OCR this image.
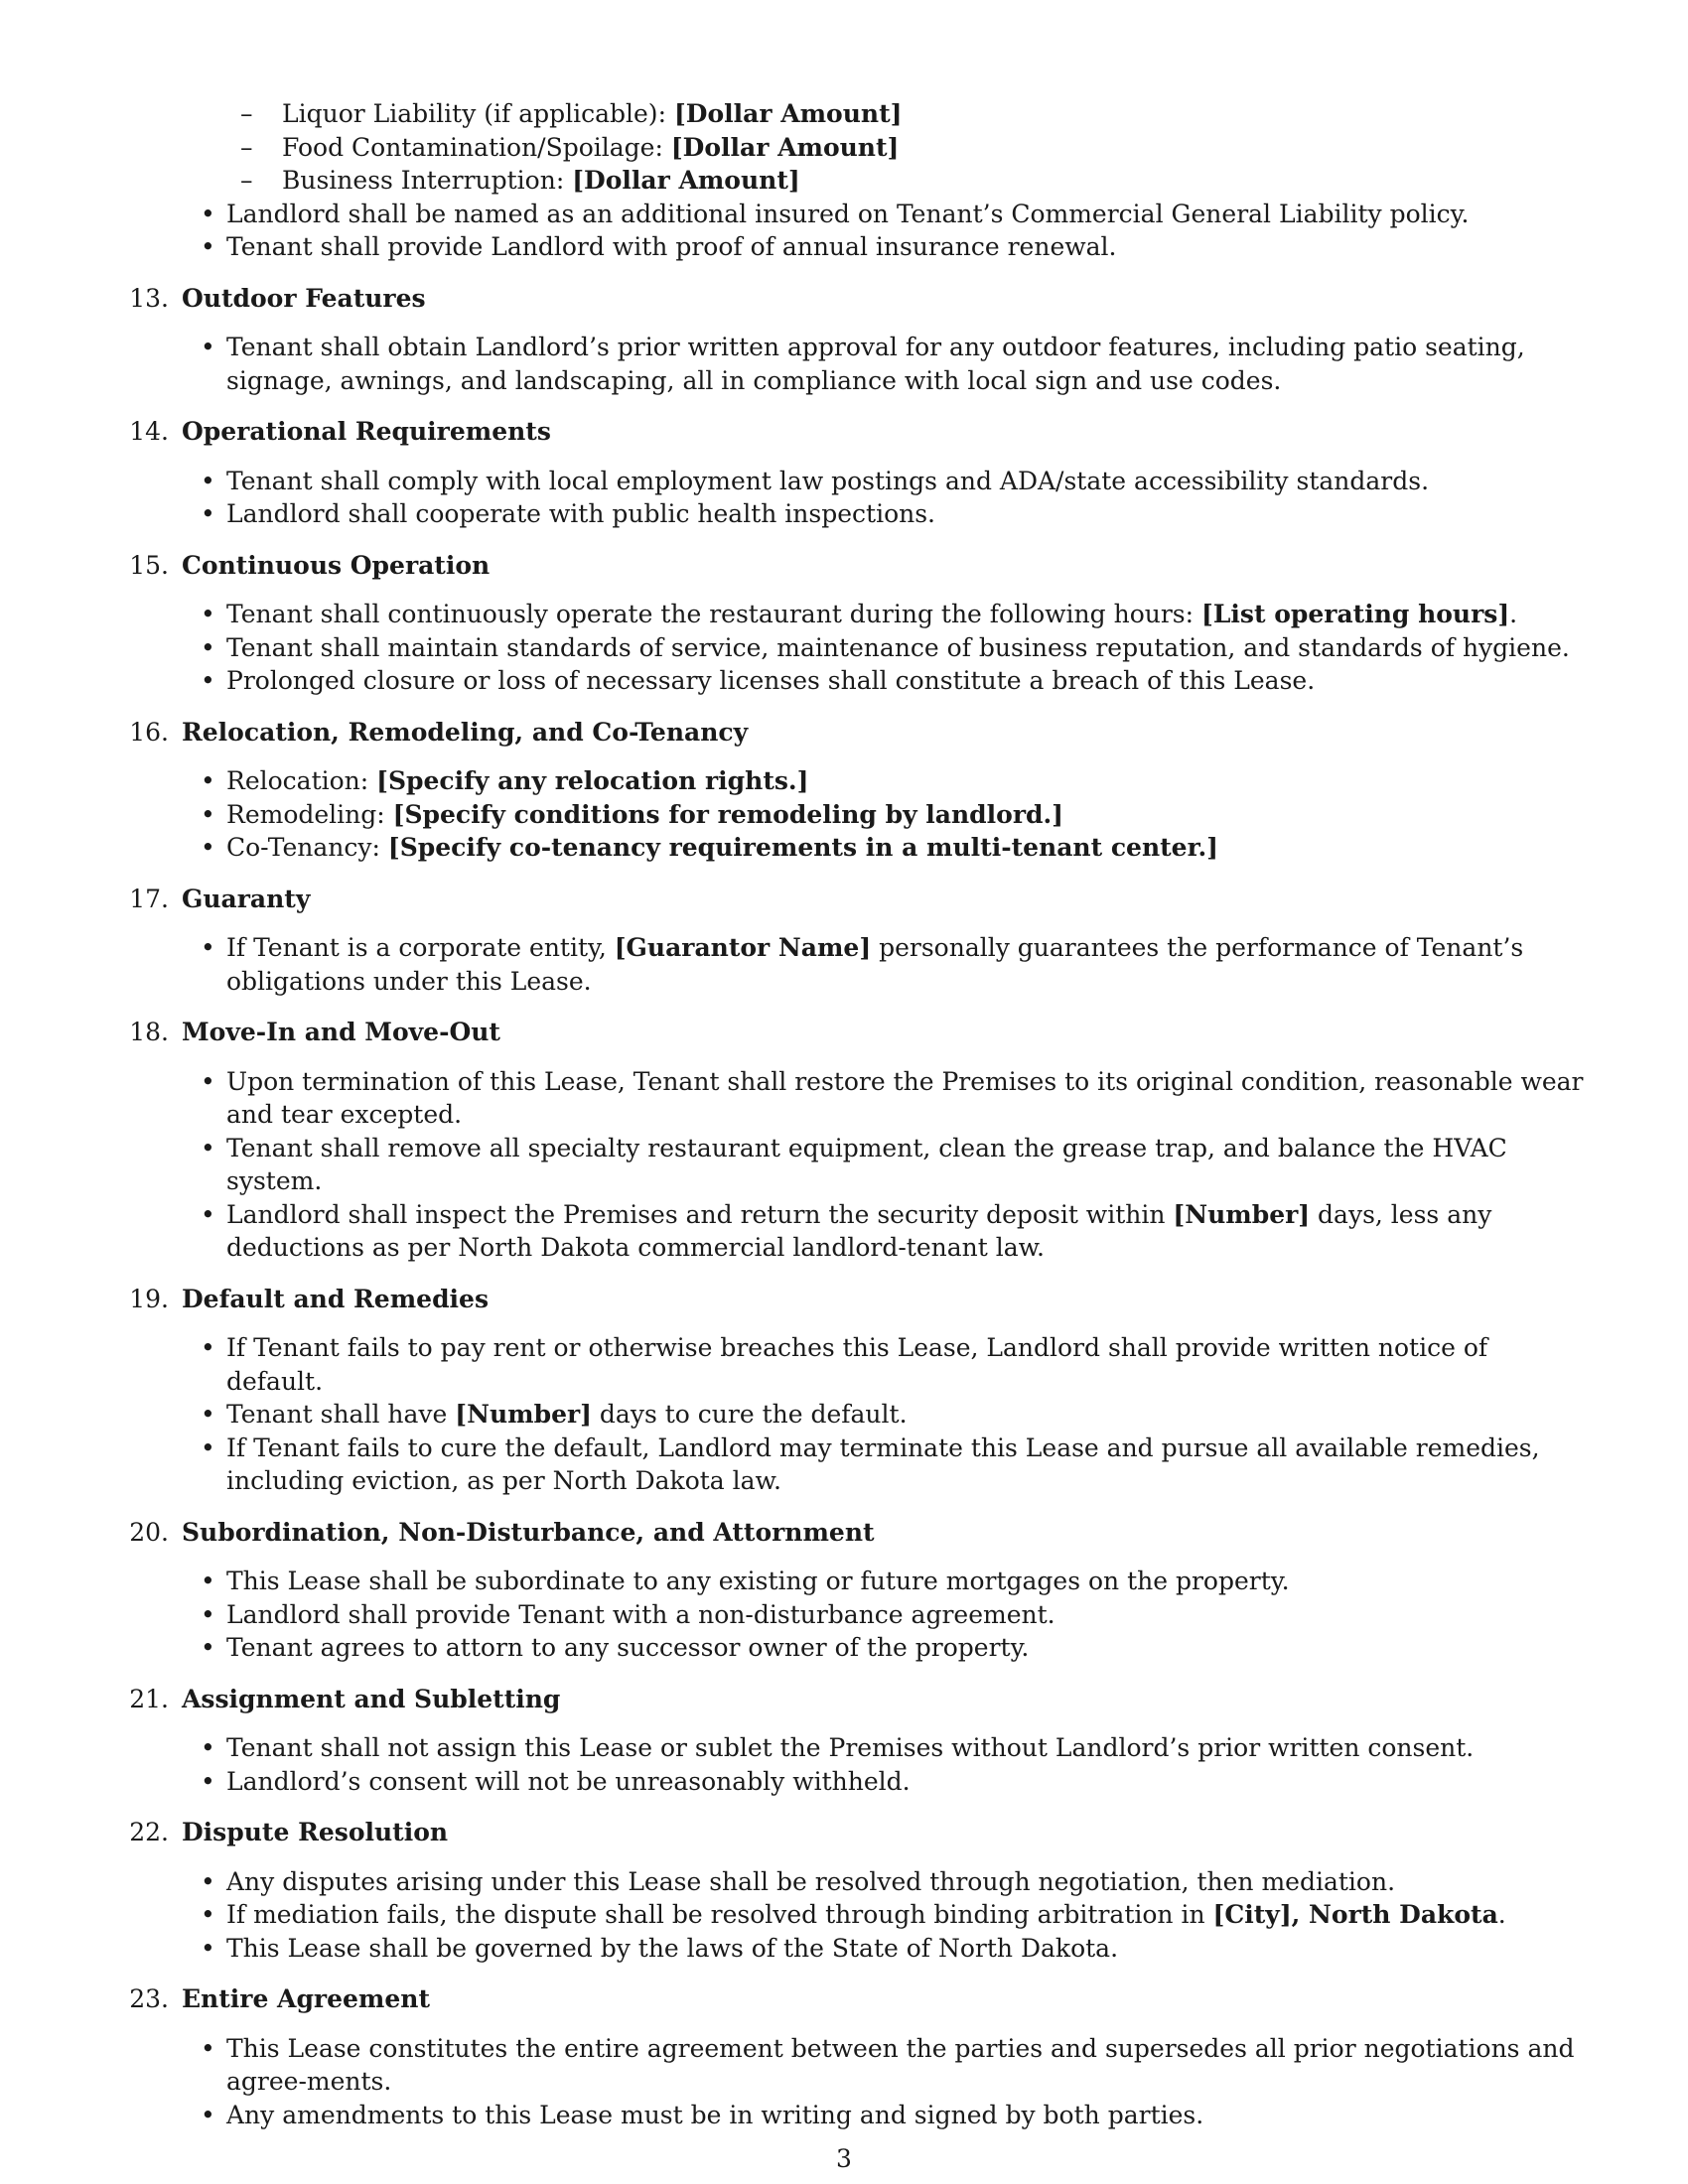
– Liquor Liability (if applicable): [Dollar Amount]
– Food Contamination/Spoilage: [Dollar Amount]
– Business Interruption: [Dollar Amount]
• Landlord shall be named as an additional insured on Tenant’s Commercial General Liability policy.
• Tenant shall provide Landlord with proof of annual insurance renewal.
13 . Outdoor Features
• Tenant shall obtain Landlord’s prior written approval for any outdoor features, including patio seating, signage, awnings, and landscaping, all in compliance with local sign and use codes.
14 . Operational Requirements
• Tenant shall comply with local employment law postings and ADA/state accessibility standards.
• Landlord shall cooperate with public health inspections.
15 . Continuous Operation
• Tenant shall continuously operate the restaurant during the following hours: [List operating hours].
• Tenant shall maintain standards of service, maintenance of business reputation, and standards of hygiene.
• Prolonged closure or loss of necessary licenses shall constitute a breach of this Lease.
16 . Relocation, Remodeling, and Co-Tenancy
• Relocation: [Specify any relocation rights.]
• Remodeling: [Specify conditions for remodeling by landlord.]
• Co-Tenancy: [Specify co-tenancy requirements in a multi-tenant center.]
17 . Guaranty
• If Tenant is a corporate entity, [Guarantor Name] personally guarantees the performance of Tenant’s obligations under this Lease.
18 . Move-In and Move-Out
• Upon termination of this Lease, Tenant shall restore the Premises to its original condition, reasonable wear and tear excepted.
• Tenant shall remove all specialty restaurant equipment, clean the grease trap, and balance the HVAC system.
• Landlord shall inspect the Premises and return the security deposit within [Number] days, less any deductions as per North Dakota commercial landlord-tenant law.
19 . Default and Remedies
• If Tenant fails to pay rent or otherwise breaches this Lease, Landlord shall provide written notice of default.
• Tenant shall have [Number] days to cure the default.
• If Tenant fails to cure the default, Landlord may terminate this Lease and pursue all available remedies, including eviction, as per North Dakota law.
20 . Subordination, Non-Disturbance, and Attornment
• This Lease shall be subordinate to any existing or future mortgages on the property.
• Landlord shall provide Tenant with a non-disturbance agreement.
• Tenant agrees to attorn to any successor owner of the property.
21 . Assignment and Subletting
• Tenant shall not assign this Lease or sublet the Premises without Landlord’s prior written consent.
• Landlord’s consent will not be unreasonably withheld.
22 . Dispute Resolution
• Any disputes arising under this Lease shall be resolved through negotiation, then mediation.
• If mediation fails, the dispute shall be resolved through binding arbitration in [City], North Dakota.
• This Lease shall be governed by the laws of the State of North Dakota.
23 . Entire Agreement
• This Lease constitutes the entire agreement between the parties and supersedes all prior negotiations and agree-ments.
• Any amendments to this Lease must be in writing and signed by both parties.
3
